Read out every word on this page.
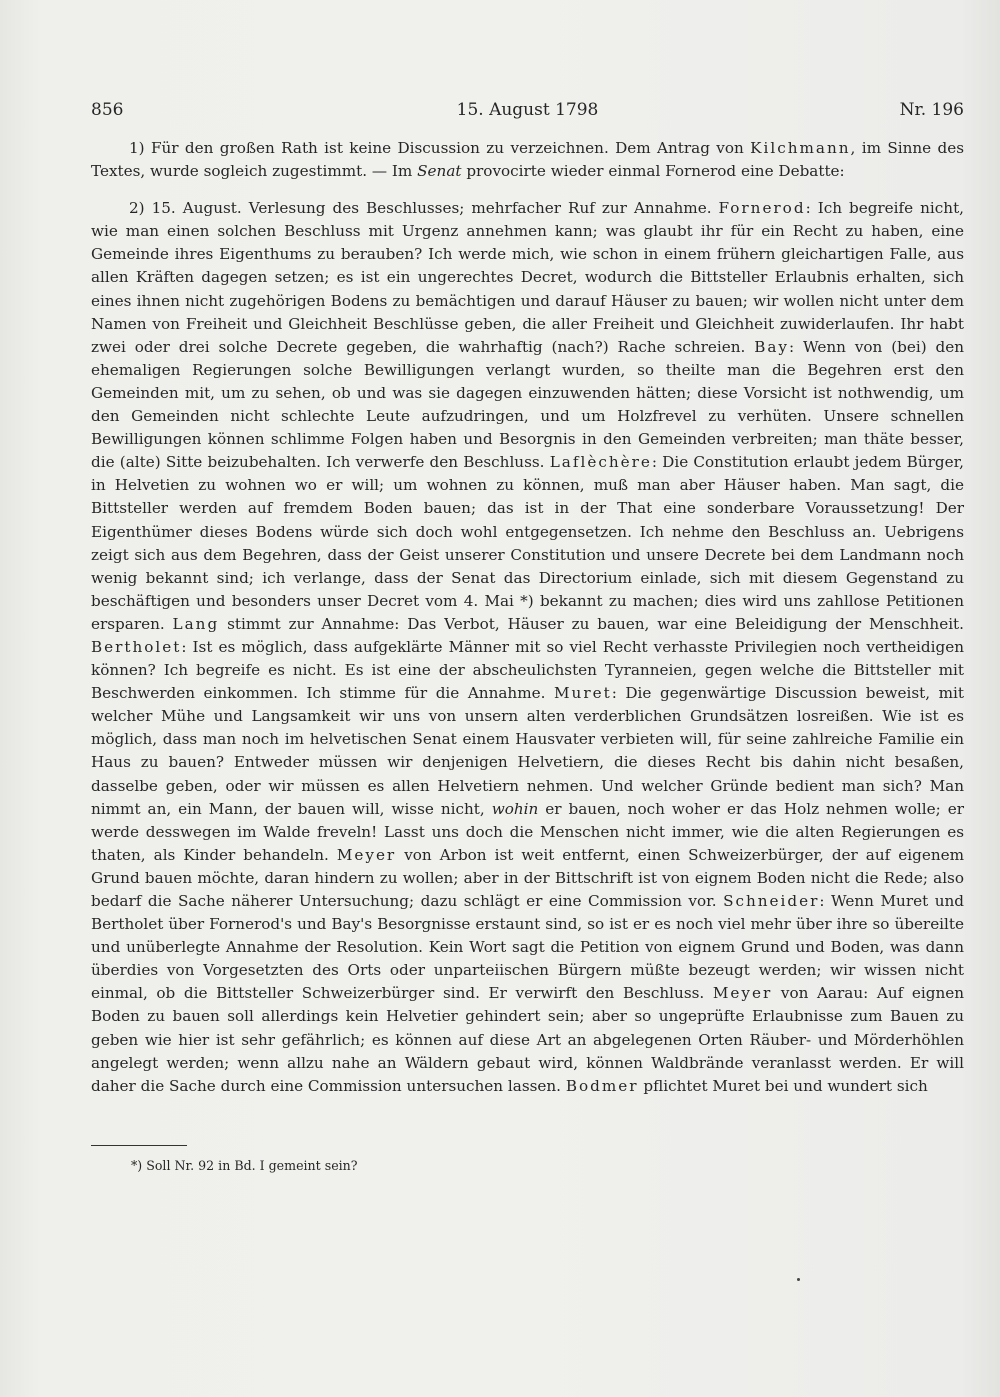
856	15. August 1798	Nr. 196

1) Für den großen Rath ist keine Discussion zu verzeichnen. Dem Antrag von Kilchmann, im Sinne des Textes, wurde sogleich zugestimmt. — Im Senat provocirte wieder einmal Fornerod eine Debatte:

2) 15. August. Verlesung des Beschlusses; mehrfacher Ruf zur Annahme. Fornerod: Ich begreife nicht, wie man einen solchen Beschluss mit Urgenz annehmen kann; was glaubt ihr für ein Recht zu haben, eine Gemeinde ihres Eigenthums zu berauben? Ich werde mich, wie schon in einem frühern gleichartigen Falle, aus allen Kräften dagegen setzen; es ist ein ungerechtes Decret, wodurch die Bittsteller Erlaubnis erhalten, sich eines ihnen nicht zugehörigen Bodens zu bemächtigen und darauf Häuser zu bauen; wir wollen nicht unter dem Namen von Freiheit und Gleichheit Beschlüsse geben, die aller Freiheit und Gleichheit zuwiderlaufen. Ihr habt zwei oder drei solche Decrete gegeben, die wahrhaftig (nach?) Rache schreien. Bay: Wenn von (bei) den ehemaligen Regierungen solche Bewilligungen verlangt wurden, so theilte man die Begehren erst den Gemeinden mit, um zu sehen, ob und was sie dagegen einzuwenden hätten; diese Vorsicht ist nothwendig, um den Gemeinden nicht schlechte Leute aufzudringen, und um Holzfrevel zu verhüten. Unsere schnellen Bewilligungen können schlimme Folgen haben und Besorgnis in den Gemeinden verbreiten; man thäte besser, die (alte) Sitte beizubehalten. Ich verwerfe den Beschluss. Laflèchère: Die Constitution erlaubt jedem Bürger, in Helvetien zu wohnen wo er will; um wohnen zu können, muß man aber Häuser haben. Man sagt, die Bittsteller werden auf fremdem Boden bauen; das ist in der That eine sonderbare Voraussetzung! Der Eigenthümer dieses Bodens würde sich doch wohl entgegensetzen. Ich nehme den Beschluss an. Uebrigens zeigt sich aus dem Begehren, dass der Geist unserer Constitution und unsere Decrete bei dem Landmann noch wenig bekannt sind; ich verlange, dass der Senat das Directorium einlade, sich mit diesem Gegenstand zu beschäftigen und besonders unser Decret vom 4. Mai *) bekannt zu machen; dies wird uns zahllose Petitionen ersparen. Lang stimmt zur Annahme: Das Verbot, Häuser zu bauen, war eine Beleidigung der Menschheit. Bertholet: Ist es möglich, dass aufgeklärte Männer mit so viel Recht verhasste Privilegien noch vertheidigen können? Ich begreife es nicht. Es ist eine der abscheulichsten Tyranneien, gegen welche die Bittsteller mit Beschwerden einkommen. Ich stimme für die Annahme. Muret: Die gegenwärtige Discussion beweist, mit welcher Mühe und Langsamkeit wir uns von unsern alten verderblichen Grundsätzen losreißen. Wie ist es möglich, dass man noch im helvetischen Senat einem Hausvater verbieten will, für seine zahlreiche Familie ein Haus zu bauen? Entweder müssen wir denjenigen Helvetiern, die dieses Recht bis dahin nicht besaßen, dasselbe geben, oder wir müssen es allen Helvetiern nehmen. Und welcher Gründe bedient man sich? Man nimmt an, ein Mann, der bauen will, wisse nicht, wohin er bauen, noch woher er das Holz nehmen wolle; er werde desswegen im Walde freveln! Lasst uns doch die Menschen nicht immer, wie die alten Regierungen es thaten, als Kinder behandeln. Meyer von Arbon ist weit entfernt, einen Schweizerbürger, der auf eigenem Grund bauen möchte, daran hindern zu wollen; aber in der Bittschrift ist von eignem Boden nicht die Rede; also bedarf die Sache näherer Untersuchung; dazu schlägt er eine Commission vor. Schneider: Wenn Muret und Bertholet über Fornerod's und Bay's Besorgnisse erstaunt sind, so ist er es noch viel mehr über ihre so übereilte und unüberlegte Annahme der Resolution. Kein Wort sagt die Petition von eignem Grund und Boden, was dann überdies von Vorgesetzten des Orts oder unparteiischen Bürgern müßte bezeugt werden; wir wissen nicht einmal, ob die Bittsteller Schweizerbürger sind. Er verwirft den Beschluss. Meyer von Aarau: Auf eignen Boden zu bauen soll allerdings kein Helvetier gehindert sein; aber so ungeprüfte Erlaubnisse zum Bauen zu geben wie hier ist sehr gefährlich; es können auf diese Art an abgelegenen Orten Räuber- und Mörderhöhlen angelegt werden; wenn allzu nahe an Wäldern gebaut wird, können Waldbrände veranlasst werden. Er will daher die Sache durch eine Commission untersuchen lassen. Bodmer pflichtet Muret bei und wundert sich

*) Soll Nr. 92 in Bd. I gemeint sein?
